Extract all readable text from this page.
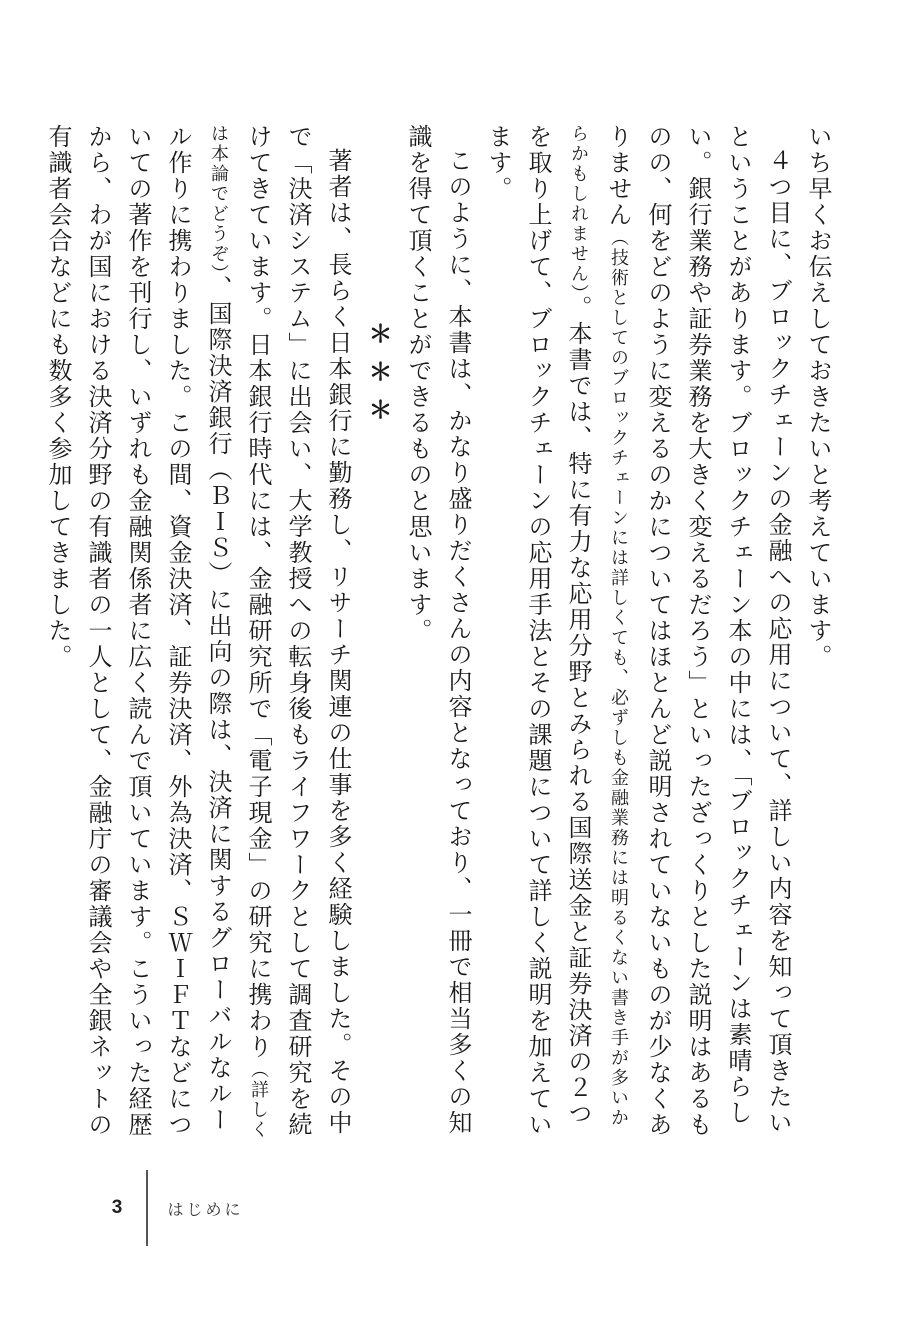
いち早くお伝えしておきたいと考えています。

４つ目に、ブロックチェーンの金融への応用について、詳しい内容を知って頂きたいということがあります。ブロックチェーン本の中には、「ブロックチェーンは素晴らしい。銀行業務や証券業務を大きく変えるだろう」といったざっくりとした説明はあるものの、何をどのように変えるのかについてはほとんど説明されていないものが少なくありません（技術としてのブロックチェーンには詳しくても、必ずしも金融業務には明るくない書き手が多いからかもしれません）。本書では、特に有力な応用分野とみられる国際送金と証券決済の２つを取り上げて、ブロックチェーンの応用手法とその課題について詳しく説明を加えています。

このように、本書は、かなり盛りだくさんの内容となっており、一冊で相当多くの知識を得て頂くことができるものと思います。

＊＊＊

著者は、長らく日本銀行に勤務し、リサーチ関連の仕事を多く経験しました。その中で「決済システム」に出会い、大学教授への転身後もライフワークとして調査研究を続けてきています。日本銀行時代には、金融研究所で「電子現金」の研究に携わり（詳しくは本論でどうぞ）、国際決済銀行（ＢＩＳ）に出向の際は、決済に関するグローバルなルール作りに携わりました。この間、資金決済、証券決済、外為決済、ＳＷＩＦＴなどについての著作を刊行し、いずれも金融関係者に広く読んで頂いています。こういった経歴から、わが国における決済分野の有識者の一人として、金融庁の審議会や全銀ネットの有識者会合などにも数多く参加してきました。

3	はじめに
